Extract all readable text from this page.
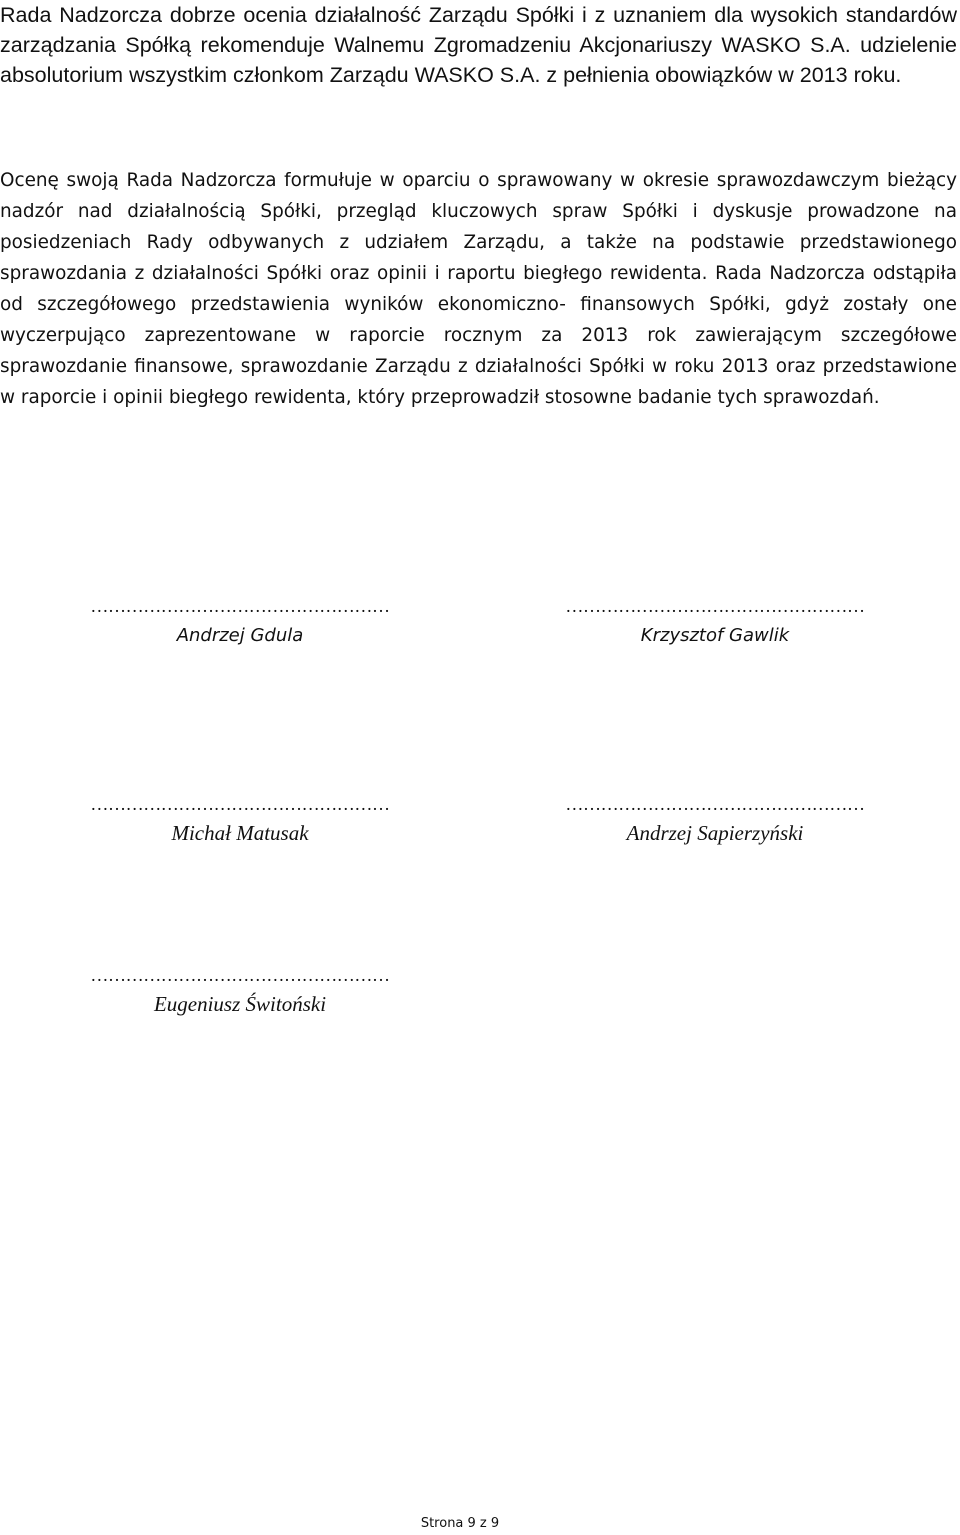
Rada Nadzorcza dobrze ocenia działalność Zarządu Spółki i z uznaniem dla wysokich standardów zarządzania Spółką rekomenduje Walnemu Zgromadzeniu Akcjonariuszy WASKO S.A. udzielenie absolutorium wszystkim członkom Zarządu WASKO S.A. z pełnienia obowiązków w 2013 roku.

Ocenę swoją Rada Nadzorcza formułuje w oparciu o sprawowany w okresie sprawozdawczym bieżący nadzór nad działalnością Spółki, przegląd kluczowych spraw Spółki i dyskusje prowadzone na posiedzeniach Rady odbywanych z udziałem Zarządu, a także na podstawie przedstawionego sprawozdania z działalności Spółki oraz opinii i raportu biegłego rewidenta. Rada Nadzorcza odstąpiła od szczegółowego przedstawienia wyników ekonomiczno- finansowych Spółki, gdyż zostały one wyczerpująco zaprezentowane w raporcie rocznym za 2013 rok zawierającym szczegółowe sprawozdanie finansowe, sprawozdanie Zarządu z działalności Spółki w roku 2013 oraz przedstawione w raporcie i opinii biegłego rewidenta, który przeprowadził stosowne badanie tych sprawozdań.

……………………………………………
Andrzej Gdula
……………………………………………
Krzysztof Gawlik
……………………………………………
Michał Matusak
……………………………………………
Andrzej Sapierzyński
……………………………………………
Eugeniusz Świtoński
Strona 9 z 9
